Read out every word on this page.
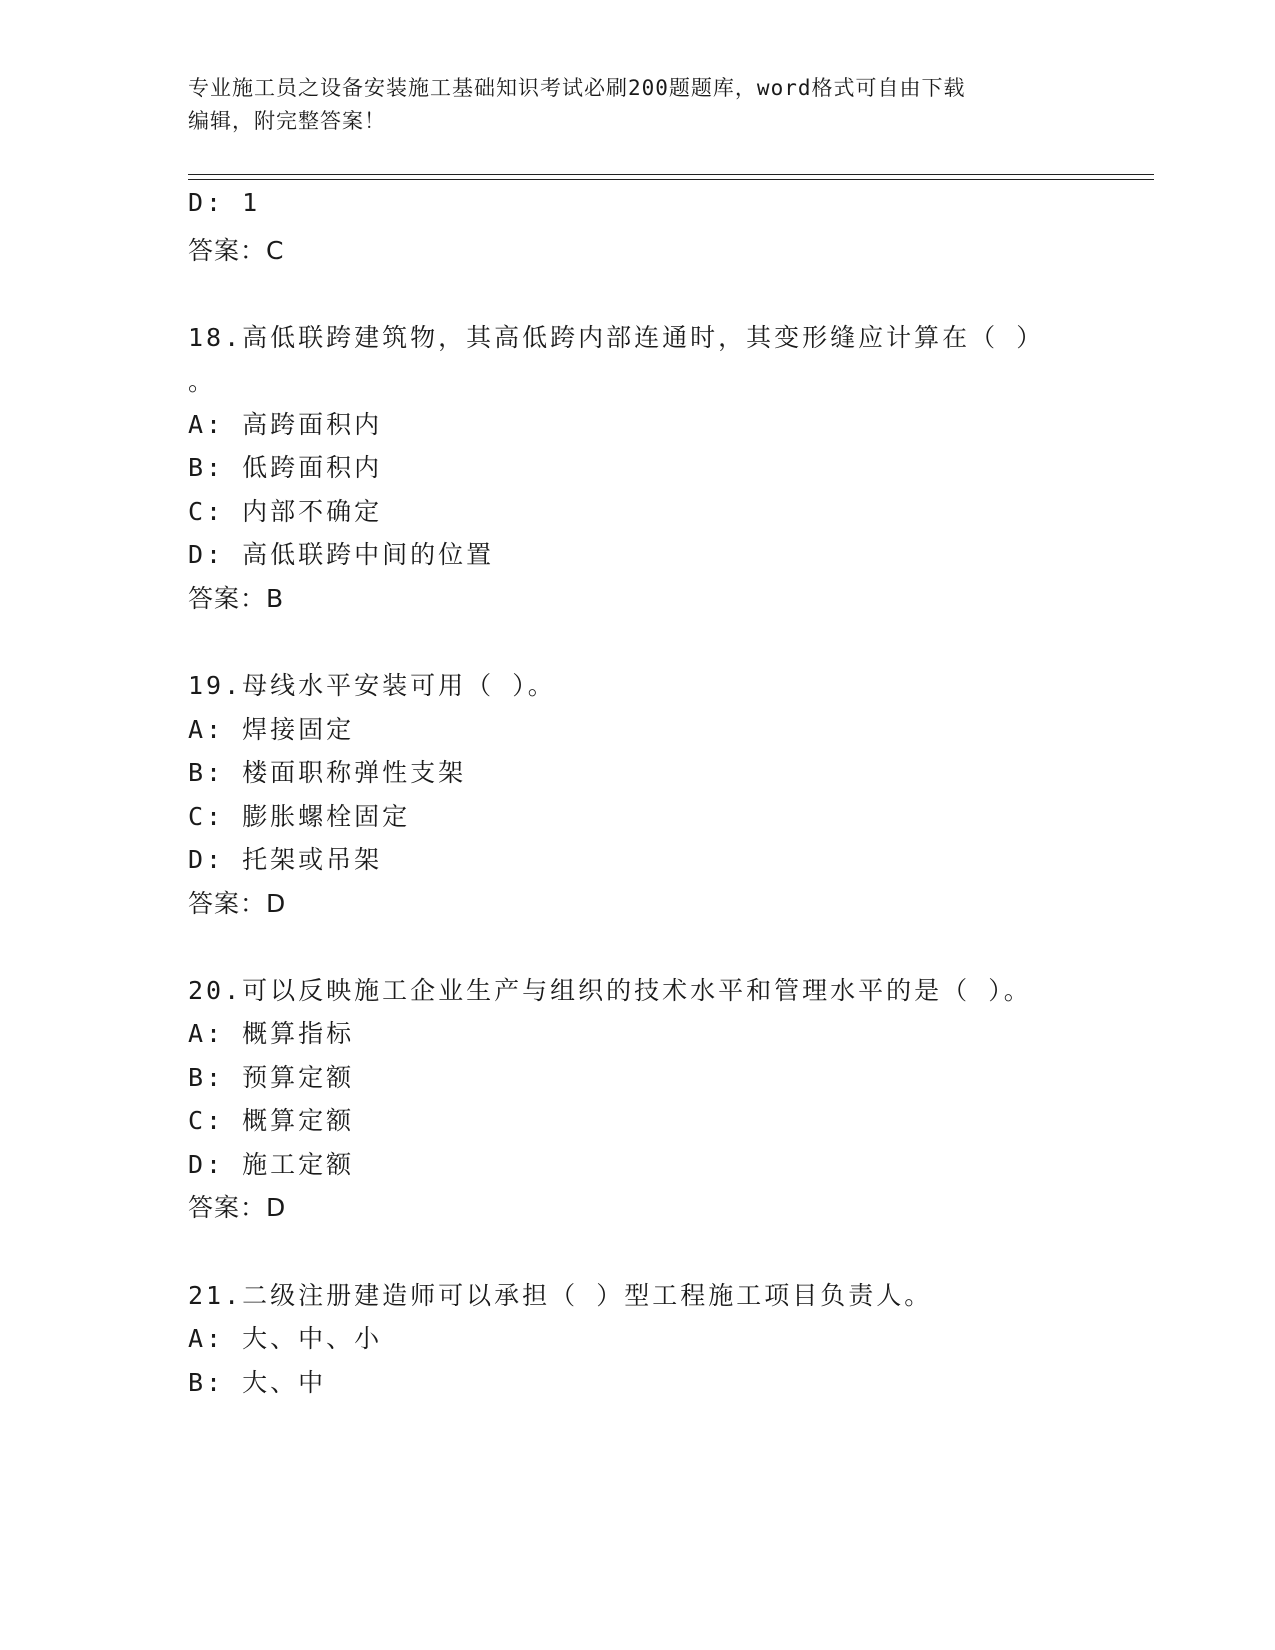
专业施工员之设备安装施工基础知识考试必刷200题题库，word格式可自由下载
编辑，附完整答案！
D: 1
答案：C
18.高低联跨建筑物，其高低跨内部连通时，其变形缝应计算在（ ）
。
A: 高跨面积内
B: 低跨面积内
C: 内部不确定
D: 高低联跨中间的位置
答案：B
19.母线水平安装可用（ ）。
A: 焊接固定
B: 楼面职称弹性支架
C: 膨胀螺栓固定
D: 托架或吊架
答案：D
20.可以反映施工企业生产与组织的技术水平和管理水平的是（ ）。
A: 概算指标
B: 预算定额
C: 概算定额
D: 施工定额
答案：D
21.二级注册建造师可以承担（ ）型工程施工项目负责人。
A: 大、中、小
B: 大、中
